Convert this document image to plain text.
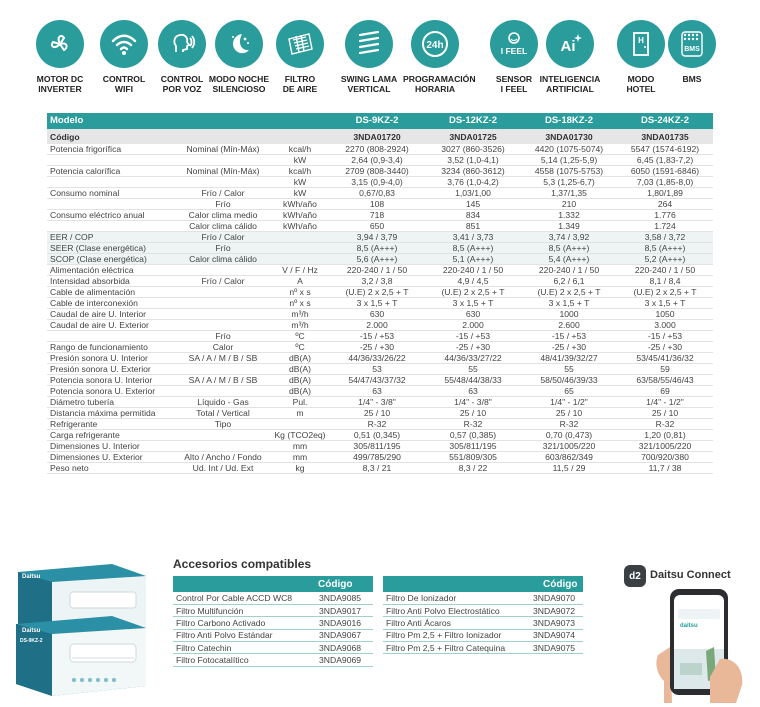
MOTOR DC
INVERTER
CONTROL
WIFI
CONTROL
POR VOZ
MODO NOCHE
SILENCIOSO
FILTRO
DE AIRE
SWING LAMA
VERTICAL
24h
PROGRAMACIÓN
HORARIA
I FEEL
SENSOR
I FEEL
Ai
INTELIGENCIA
ARTIFICIAL
H
MODO
HOTEL
BMS
BMS
Modelo			DS-9KZ-2	DS-12KZ-2	DS-18KZ-2	DS-24KZ-2
Código			3NDA01720	3NDA01725	3NDA01730	3NDA01735
Potencia frigorífica	Nominal (Mín-Máx)	kcal/h	2270 (808-2924)	3027 (860-3526)	4420 (1075-5074)	5547 (1574-6192)
		kW	2,64 (0,9-3,4)	3,52 (1,0-4,1)	5,14 (1,25-5,9)	6,45 (1,83-7,2)
Potencia calorífica	Nominal (Mín-Máx)	kcal/h	2709 (808-3440)	3234 (860-3612)	4558 (1075-5753)	6050 (1591-6846)
		kW	3,15 (0,9-4,0)	3,76 (1,0-4,2)	5,3 (1,25-6,7)	7,03 (1,85-8,0)
Consumo nominal	Frío / Calor	kW	0,67/0,83	1,03/1,00	1,37/1,35	1,80/1,89
	Frío	kWh/año	108	145	210	264
Consumo eléctrico anual	Calor clima medio	kWh/año	718	834	1.332	1.776
	Calor clima cálido	kWh/año	650	851	1.349	1.724
EER / COP	Frío / Calor		3,94 / 3,79	3,41 / 3,73	3,74 / 3,92	3,58 / 3,72
SEER (Clase energética)	Frío		8,5 (A+++)	8,5 (A+++)	8,5 (A+++)	8,5 (A+++)
SCOP (Clase energética)	Calor clima cálido		5,6 (A+++)	5,1 (A+++)	5,4 (A+++)	5,2 (A+++)
Alimentación eléctrica		V / F / Hz	220-240 / 1 / 50	220-240 / 1 / 50	220-240 / 1 / 50	220-240 / 1 / 50
Intensidad absorbida	Frío / Calor	A	3,2 / 3,8	4,9 / 4,5	6,2 / 6,1	8,1 / 8,4
Cable de alimentación		nº x s	(U.E) 2 x 2,5 + T	(U.E) 2 x 2,5 + T	(U.E) 2 x 2,5 + T	(U.E) 2 x 2,5 + T
Cable de interconexión		nº x s	3 x 1,5 + T	3 x 1,5 + T	3 x 1,5 + T	3 x 1,5 + T
Caudal de aire U. Interior		m³/h	630	630	1000	1050
Caudal de aire U. Exterior		m³/h	2.000	2.000	2.600	3.000
	Frío	ºC	-15 / +53	-15 / +53	-15 / +53	-15 / +53
Rango de funcionamiento	Calor	ºC	-25 / +30	-25 / +30	-25 / +30	-25 / +30
Presión sonora U. Interior	SA / A / M / B / SB	dB(A)	44/36/33/26/22	44/36/33/27/22	48/41/39/32/27	53/45/41/36/32
Presión sonora U. Exterior		dB(A)	53	55	55	59
Potencia sonora U. Interior	SA / A / M / B / SB	dB(A)	54/47/43/37/32	55/48/44/38/33	58/50/46/39/33	63/58/55/46/43
Potencia sonora U. Exterior		dB(A)	63	63	65	69
Diámetro tubería	Líquido - Gas	Pul.	1/4" - 3/8"	1/4" - 3/8"	1/4" - 1/2"	1/4" - 1/2"
Distancia máxima permitida	Total / Vertical	m	25 / 10	25 / 10	25 / 10	25 / 10
Refrigerante	Tipo		R-32	R-32	R-32	R-32
Carga refrigerante		Kg (TCO2eq)	0,51 (0,345)	0,57 (0,385)	0,70 (0,473)	1,20 (0,81)
Dimensiones U. Interior		mm	305/811/195	305/811/195	321/1005/220	321/1005/220
Dimensiones U. Exterior	Alto / Ancho / Fondo	mm	499/785/290	551/809/305	603/862/349	700/920/380
Peso neto	Ud. Int / Ud. Ext	kg	8,3 / 21	8,3 / 22	11,5 / 29	11,7 / 38
Daitsu
Daitsu
DS-9KZ-2
Accesorios compatibles
	Código
Control Por Cable ACCD WC8	3NDA9085
Filtro Multifunción	3NDA9017
Filtro Carbono Activado	3NDA9016
Filtro Anti Polvo Estándar	3NDA9067
Filtro Catechin	3NDA9068
Filtro Fotocatalítico	3NDA9069
	Código
Filtro De Ionizador	3NDA9070
Filtro Anti Polvo Electrostático	3NDA9072
Filtro Anti Ácaros	3NDA9073
Filtro Pm 2,5 + Filtro Ionizador	3NDA9074
Filtro Pm 2,5 + Filtro Catequina	3NDA9075
d2 Daitsu Connect
daitsu
